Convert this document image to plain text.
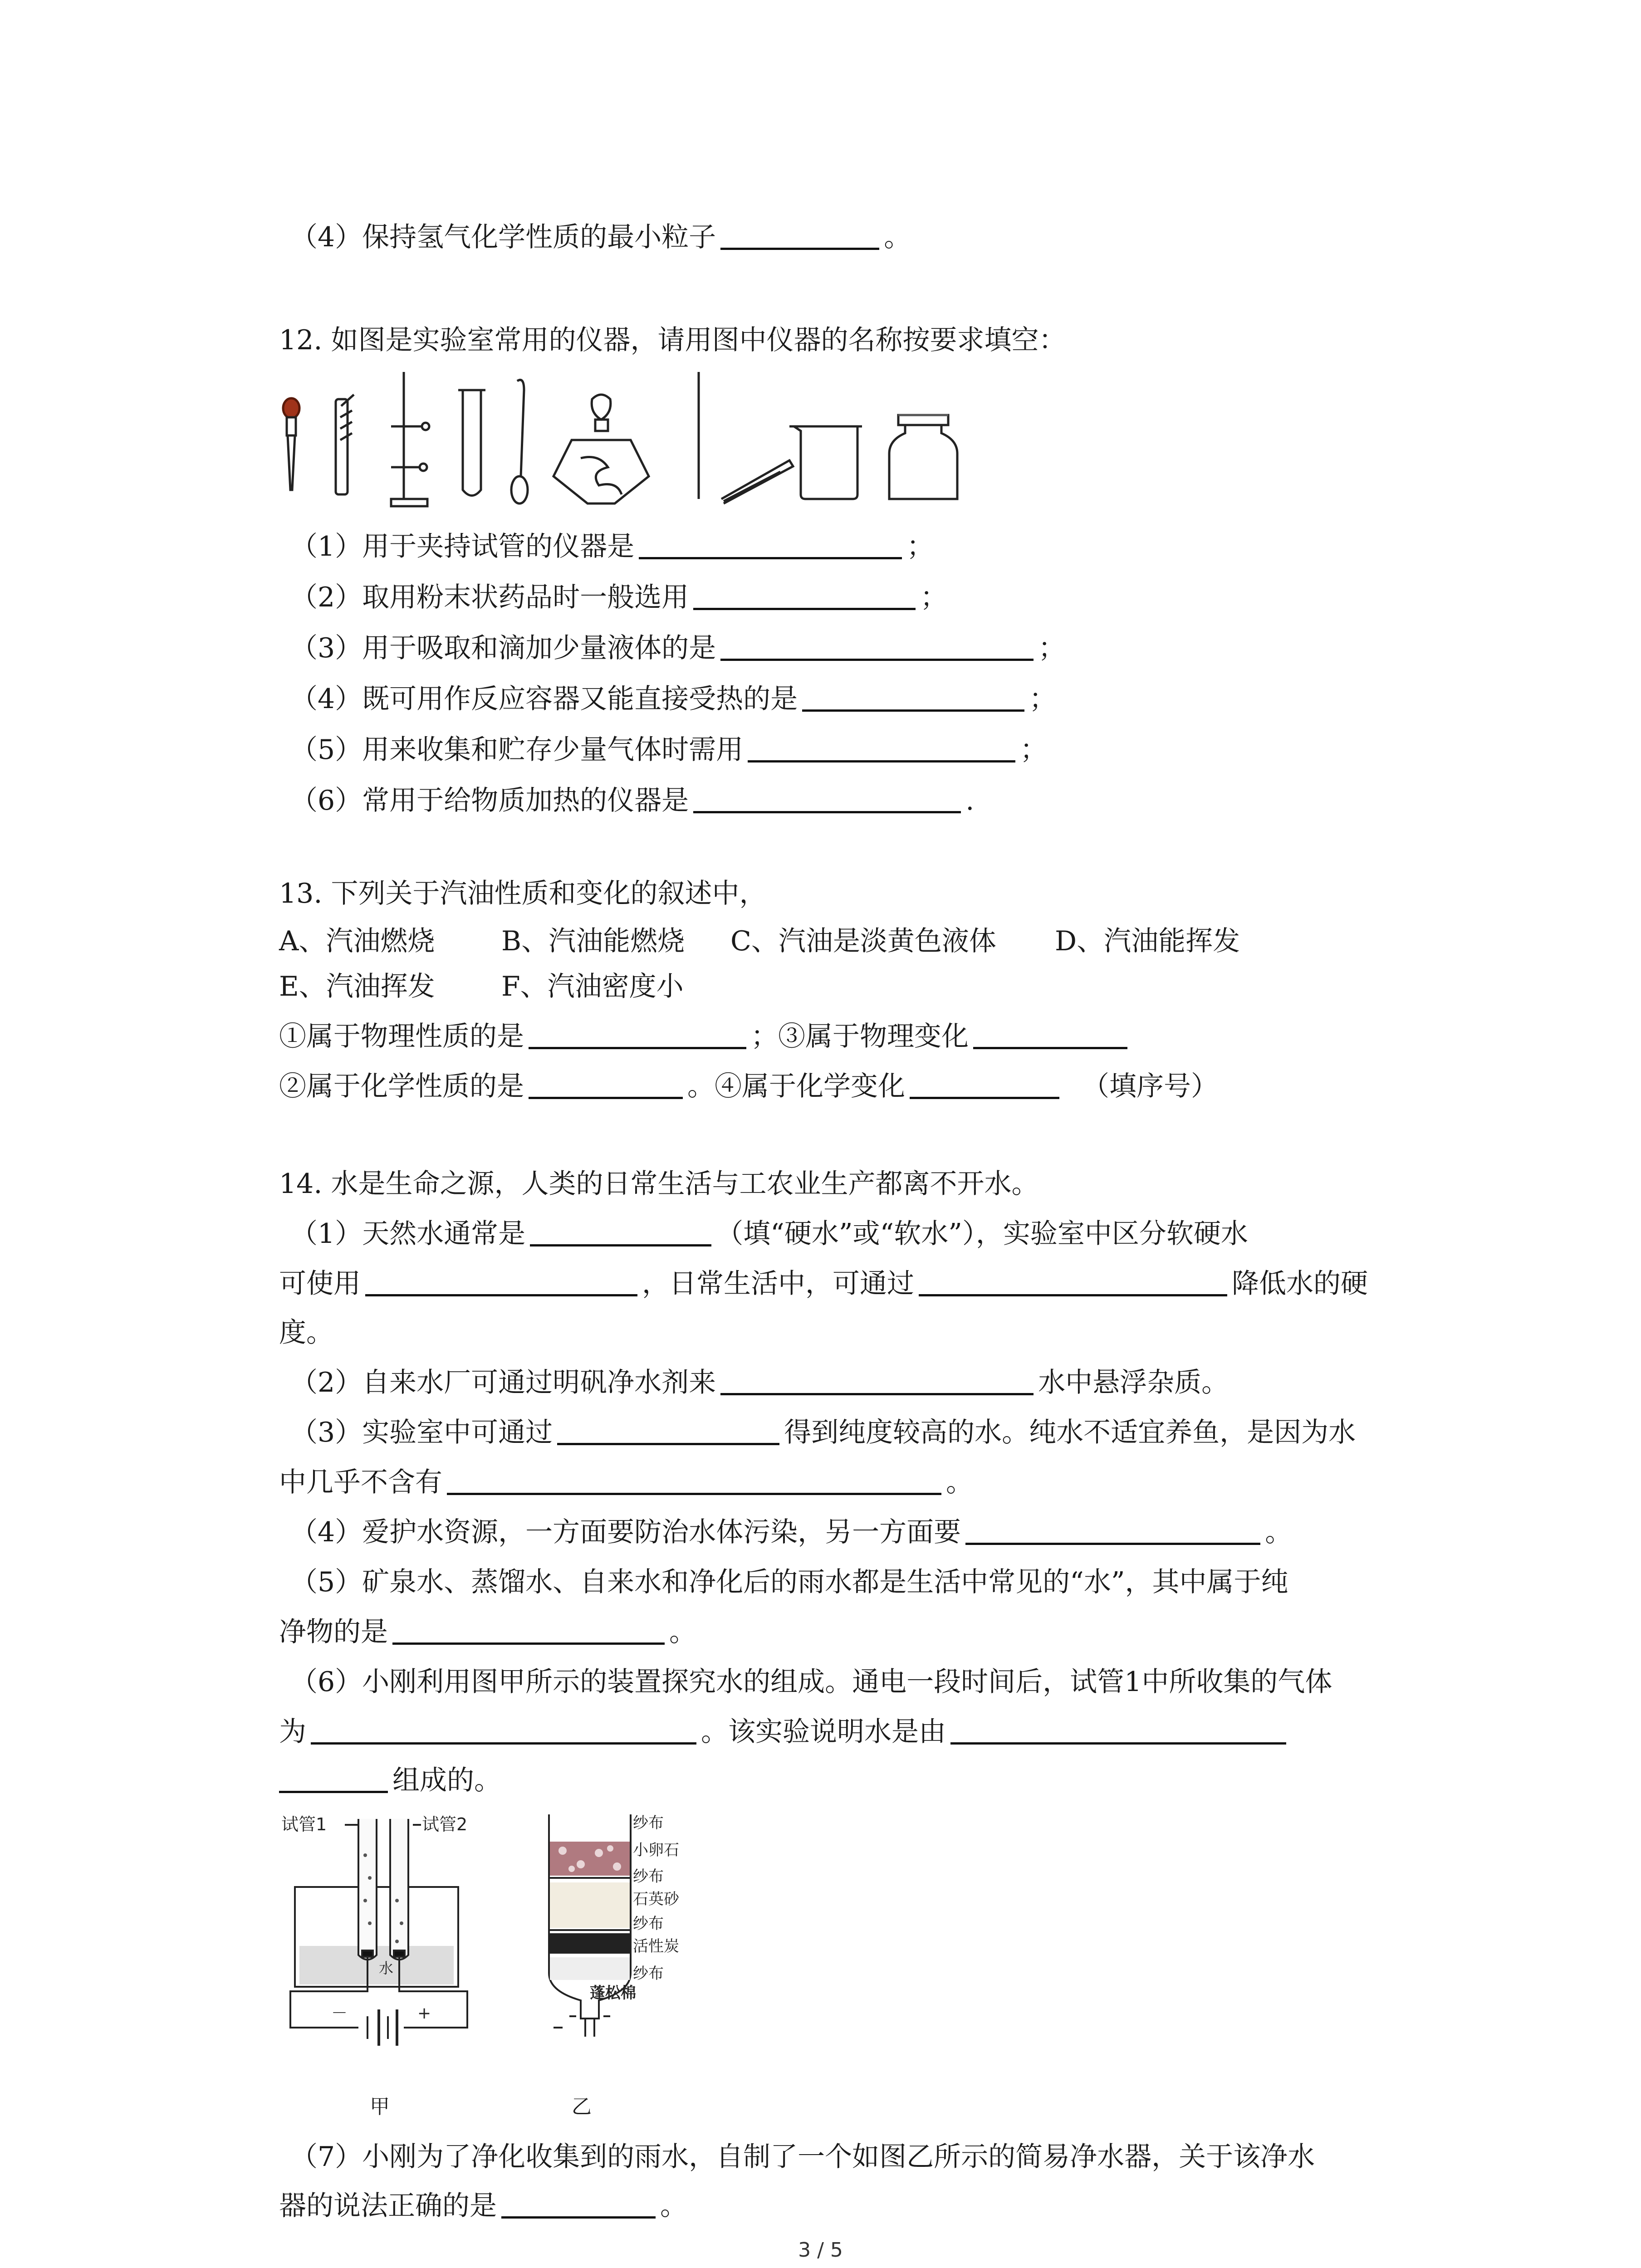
（4）保持氢气化学性质的最小粒子	。
12. 如图是实验室常用的仪器，请用图中仪器的名称按要求填空：
（1）用于夹持试管的仪器是	；
（2）取用粉末状药品时一般选用	；
（3）用于吸取和滴加少量液体的是	；
（4）既可用作反应容器又能直接受热的是	；
（5）用来收集和贮存少量气体时需用	；
（6）常用于给物质加热的仪器是	.
13. 下列关于汽油性质和变化的叙述中，
A、汽油燃烧 B、汽油能燃烧 C、汽油是淡黄色液体 D、汽油能挥发
E、汽油挥发 F、汽油密度小
①属于物理性质的是	；③属于物理变化
②属于化学性质的是	。④属于化学变化	（填序号）
14. 水是生命之源，人类的日常生活与工农业生产都离不开水。
（1）天然水通常是	（填“硬水”或“软水”），实验室中区分软硬水
可使用	，日常生活中，可通过	降低水的硬
度。
（2）自来水厂可通过明矾净水剂来	水中悬浮杂质。
（3）实验室中可通过	得到纯度较高的水。纯水不适宜养鱼，是因为水
中几乎不含有	。
（4）爱护水资源，一方面要防治水体污染，另一方面要	。
（5）矿泉水、蒸馏水、自来水和净化后的雨水都是生活中常见的“水”，其中属于纯
净物的是	。
（6）小刚利用图甲所示的装置探究水的组成。通电一段时间后，试管1中所收集的气体
为	。该实验说明水是由
组成的。
试管1	试管2
水
－	+
甲
纱布
小卵石
纱布
石英砂
纱布
活性炭
纱布
蓬松棉
乙
（7）小刚为了净化收集到的雨水，自制了一个如图乙所示的简易净水器，关于该净水
器的说法正确的是	。
3 / 5
